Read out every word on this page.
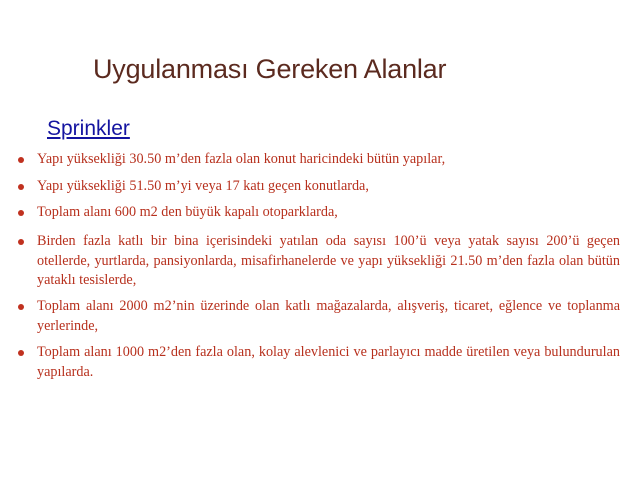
Uygulanması Gereken Alanlar
Sprinkler
Yapı yüksekliği 30.50 m’den fazla olan konut haricindeki bütün yapılar,
Yapı yüksekliği 51.50 m’yi veya 17 katı geçen konutlarda,
Toplam alanı 600 m2 den büyük kapalı otoparklarda,
Birden fazla katlı bir bina içerisindeki yatılan oda sayısı 100’ü veya yatak sayısı 200’ü geçen otellerde, yurtlarda, pansiyonlarda, misafirhanelerde ve yapı yüksekliği 21.50 m’den fazla olan bütün yataklı tesislerde,
Toplam alanı 2000 m2’nin üzerinde olan katlı mağazalarda, alışveriş, ticaret, eğlence ve toplanma yerlerinde,
Toplam alanı 1000 m2’den fazla olan, kolay alevlenici ve parlayıcı madde üretilen veya bulundurulan yapılarda.
